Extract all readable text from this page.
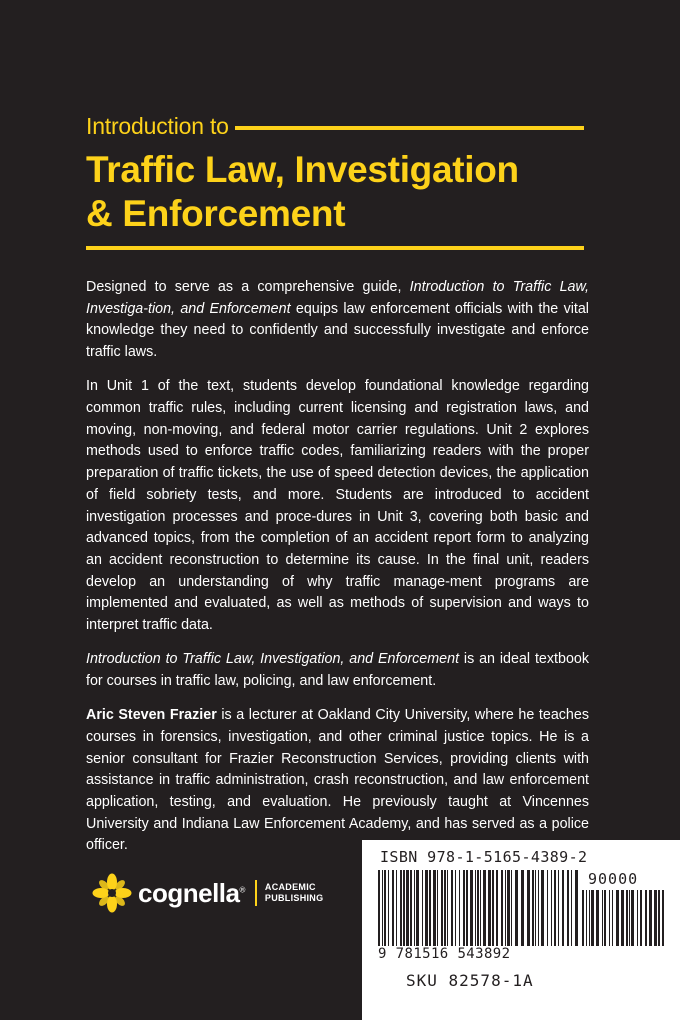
Introduction to
Traffic Law, Investigation
& Enforcement

Designed to serve as a comprehensive guide, Introduction to Traffic Law, Investiga-tion, and Enforcement equips law enforcement officials with the vital knowledge they need to confidently and successfully investigate and enforce traffic laws.

In Unit 1 of the text, students develop foundational knowledge regarding common traffic rules, including current licensing and registration laws, and moving, non-moving, and federal motor carrier regulations. Unit 2 explores methods used to enforce traffic codes, familiarizing readers with the proper preparation of traffic tickets, the use of speed detection devices, the application of field sobriety tests, and more. Students are introduced to accident investigation processes and proce-dures in Unit 3, covering both basic and advanced topics, from the completion of an accident report form to analyzing an accident reconstruction to determine its cause. In the final unit, readers develop an understanding of why traffic manage-ment programs are implemented and evaluated, as well as methods of supervision and ways to interpret traffic data.

Introduction to Traffic Law, Investigation, and Enforcement is an ideal textbook for courses in traffic law, policing, and law enforcement.

Aric Steven Frazier is a lecturer at Oakland City University, where he teaches courses in forensics, investigation, and other criminal justice topics. He is a senior consultant for Frazier Reconstruction Services, providing clients with assistance in traffic administration, crash reconstruction, and law enforcement application, testing, and evaluation. He previously taught at Vincennes University and Indiana Law Enforcement Academy, and has served as a police officer.

cognella® ACADEMIC
PUBLISHING
ISBN 978-1-5165-4389-2
90000
9 781516 543892
SKU 82578-1A
